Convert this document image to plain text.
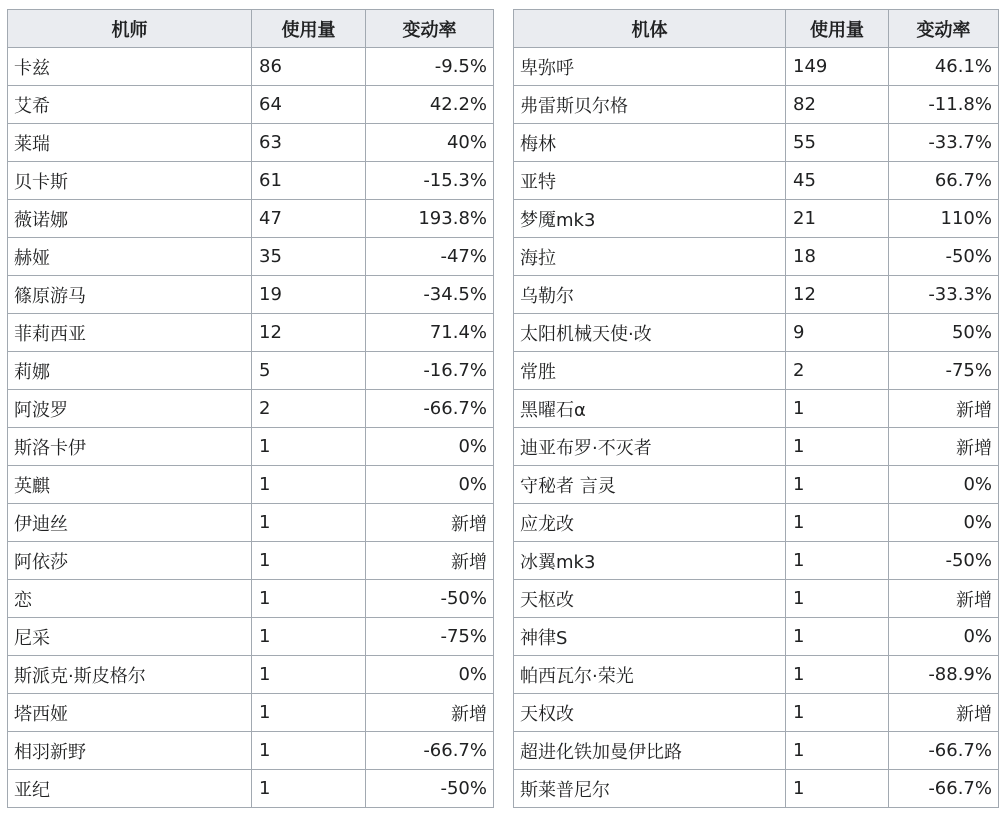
机师	使用量	变动率
卡兹	86	-9.5%
艾希	64	42.2%
莱瑞	63	40%
贝卡斯	61	-15.3%
薇诺娜	47	193.8%
赫娅	35	-47%
篠原游马	19	-34.5%
菲莉西亚	12	71.4%
莉娜	5	-16.7%
阿波罗	2	-66.7%
斯洛卡伊	1	0%
英麒	1	0%
伊迪丝	1	新增
阿依莎	1	新增
恋	1	-50%
尼采	1	-75%
斯派克·斯皮格尔	1	0%
塔西娅	1	新增
相羽新野	1	-66.7%
亚纪	1	-50%
机体	使用量	变动率
卑弥呼	149	46.1%
弗雷斯贝尔格	82	-11.8%
梅林	55	-33.7%
亚特	45	66.7%
梦魇mk3	21	110%
海拉	18	-50%
乌勒尔	12	-33.3%
太阳机械天使·改	9	50%
常胜	2	-75%
黑曜石α	1	新增
迪亚布罗·不灭者	1	新增
守秘者 言灵	1	0%
应龙改	1	0%
冰翼mk3	1	-50%
天枢改	1	新增
神律S	1	0%
帕西瓦尔·荣光	1	-88.9%
天权改	1	新增
超进化铁加曼伊比路	1	-66.7%
斯莱普尼尔	1	-66.7%
